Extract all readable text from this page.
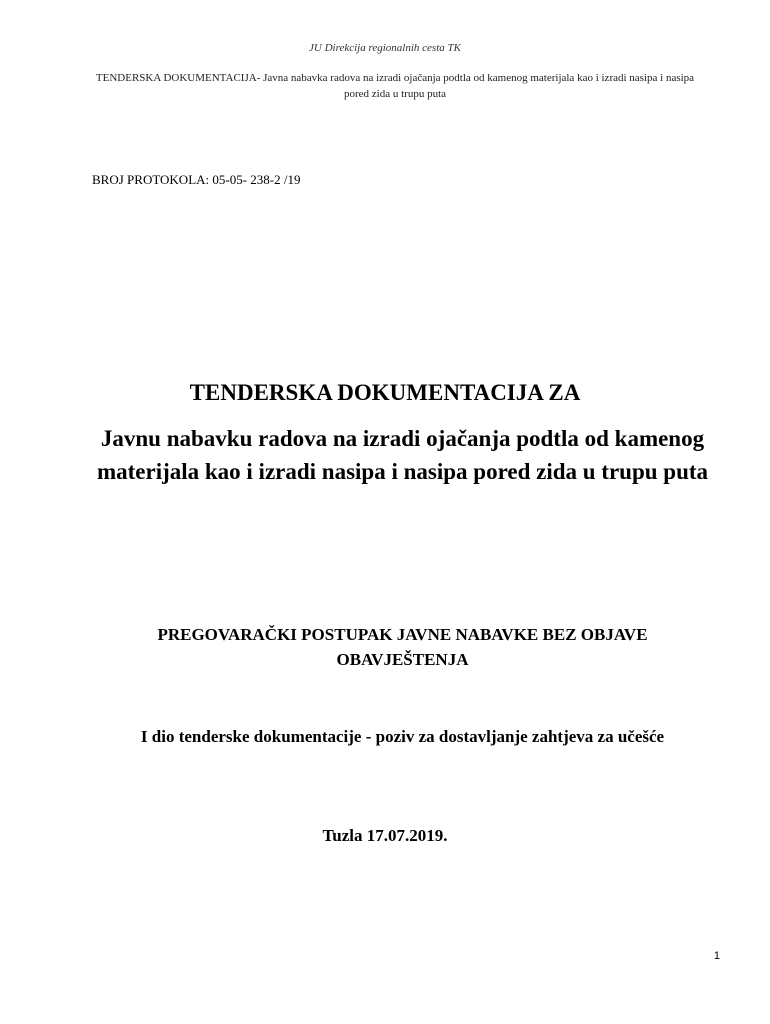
JU Direkcija regionalnih cesta TK
TENDERSKA DOKUMENTACIJA- Javna nabavka radova na izradi ojačanja podtla od kamenog materijala kao i izradi nasipa i nasipa pored zida u trupu puta
BROJ PROTOKOLA: 05-05- 238-2 /19
TENDERSKA DOKUMENTACIJA ZA
Javnu nabavku radova na izradi ojačanja podtla od kamenog materijala kao i izradi nasipa i nasipa pored zida u trupu puta
PREGOVARAČKI POSTUPAK JAVNE NABAVKE BEZ OBJAVE OBAVJEŠTENJA
I dio tenderske dokumentacije - poziv za dostavljanje zahtjeva za učešće
Tuzla 17.07.2019.
1
